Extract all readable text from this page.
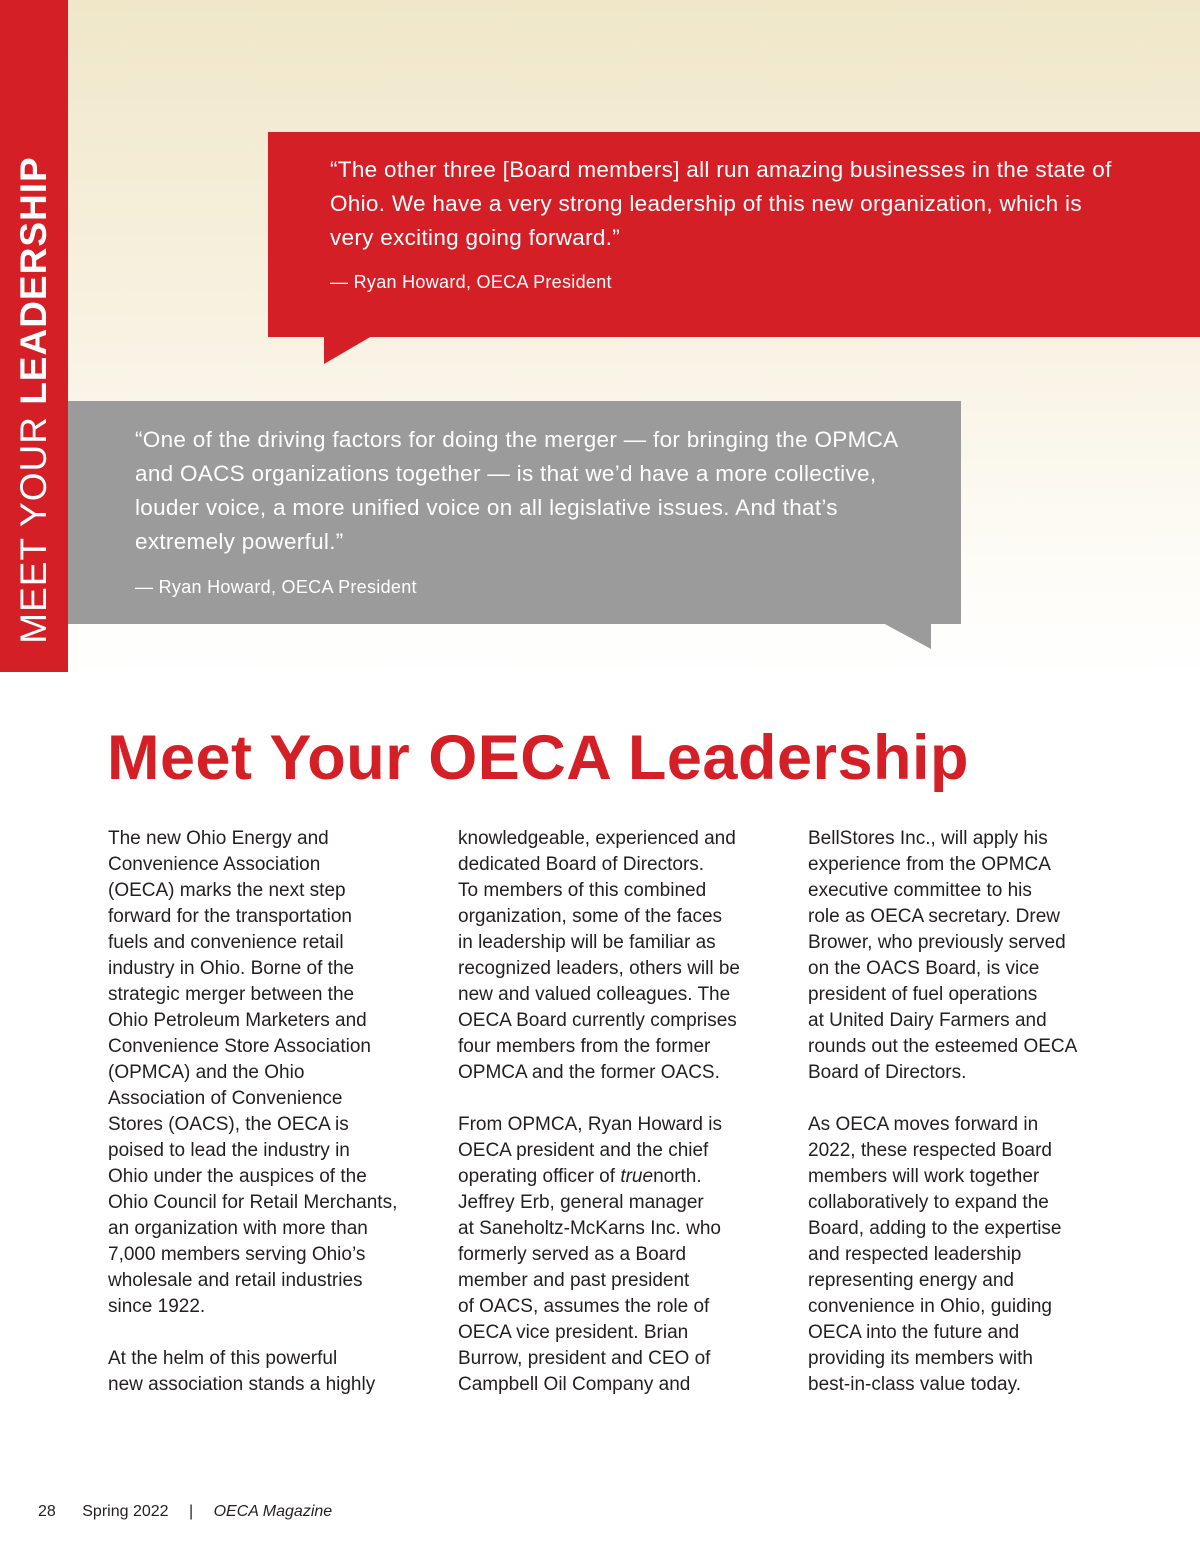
MEET YOUR LEADERSHIP	“The other three [Board members] all run amazing businesses in the state of Ohio. We have a very strong leadership of this new organization, which is very exciting going forward.”

— Ryan Howard, OECA President

“One of the driving factors for doing the merger — for bringing the OPMCA and OACS organizations together — is that we’d have a more collective, louder voice, a more unified voice on all legislative issues. And that’s extremely powerful.”

— Ryan Howard, OECA President

Meet Your OECA Leadership

The new Ohio Energy and
Convenience Association
(OECA) marks the next step
forward for the transportation
fuels and convenience retail
industry in Ohio. Borne of the
strategic merger between the
Ohio Petroleum Marketers and
Convenience Store Association
(OPMCA) and the Ohio
Association of Convenience
Stores (OACS), the OECA is
poised to lead the industry in
Ohio under the auspices of the
Ohio Council for Retail Merchants,
an organization with more than
7,000 members serving Ohio’s
wholesale and retail industries
since 1922.

At the helm of this powerful
new association stands a highly

knowledgeable, experienced and
dedicated Board of Directors.
To members of this combined
organization, some of the faces
in leadership will be familiar as
recognized leaders, others will be
new and valued colleagues. The
OECA Board currently comprises
four members from the former
OPMCA and the former OACS.

From OPMCA, Ryan Howard is
OECA president and the chief
operating officer of truenorth.
Jeffrey Erb, general manager
at Saneholtz-McKarns Inc. who
formerly served as a Board
member and past president
of OACS, assumes the role of
OECA vice president. Brian
Burrow, president and CEO of
Campbell Oil Company and

BellStores Inc., will apply his
experience from the OPMCA
executive committee to his
role as OECA secretary. Drew
Brower, who previously served
on the OACS Board, is vice
president of fuel operations
at United Dairy Farmers and
rounds out the esteemed OECA
Board of Directors.

As OECA moves forward in
2022, these respected Board
members will work together
collaboratively to expand the
Board, adding to the expertise
and respected leadership
representing energy and
convenience in Ohio, guiding
OECA into the future and
providing its members with
best-in-class value today.

28 Spring 2022 | OECA Magazine
